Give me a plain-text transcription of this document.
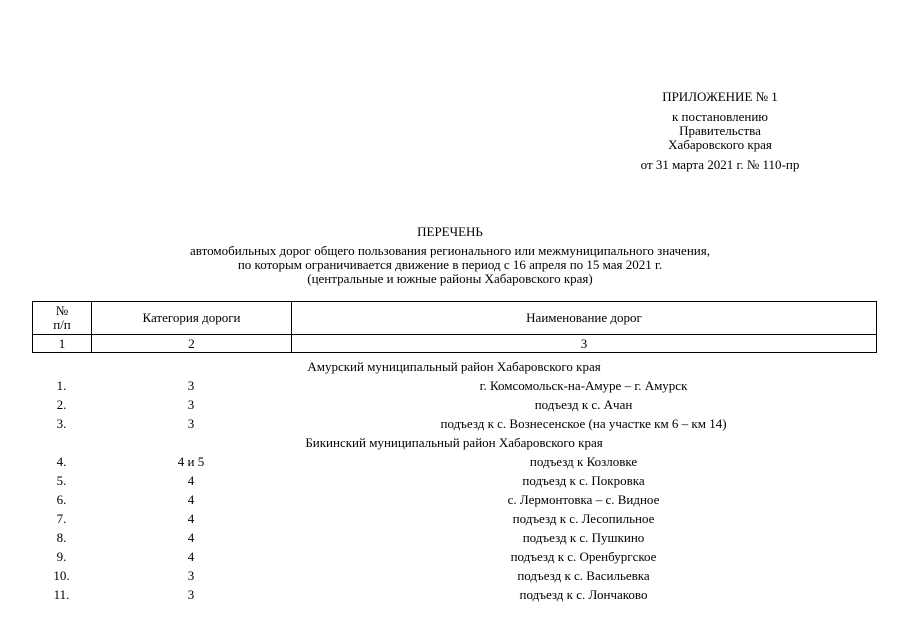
ПРИЛОЖЕНИЕ № 1
к постановлению
Правительства
Хабаровского края
от 31 марта 2021 г. № 110-пр
ПЕРЕЧЕНЬ
автомобильных дорог общего пользования регионального или межмуниципального значения,
по которым ограничивается движение в период с 16 апреля по 15 мая 2021 г.
(центральные и южные районы Хабаровского края)
№
п/п	Категория дороги	Наименование дорог
1	2	3
Амурский муниципальный район Хабаровского края		
1.	3	г. Комсомольск-на-Амуре – г. Амурск
2.	3	подъезд к с. Ачан
3.	3	подъезд к с. Вознесенское (на участке км 6 – км 14)
Бикинский муниципальный район Хабаровского края		
4.	4 и 5	подъезд к Козловке
5.	4	подъезд к с. Покровка
6.	4	с. Лермонтовка – с. Видное
7.	4	подъезд к с. Лесопильное
8.	4	подъезд к с. Пушкино
9.	4	подъезд к с. Оренбургское
10.	3	подъезд к с. Васильевка
11.	3	подъезд к с. Лончаково
